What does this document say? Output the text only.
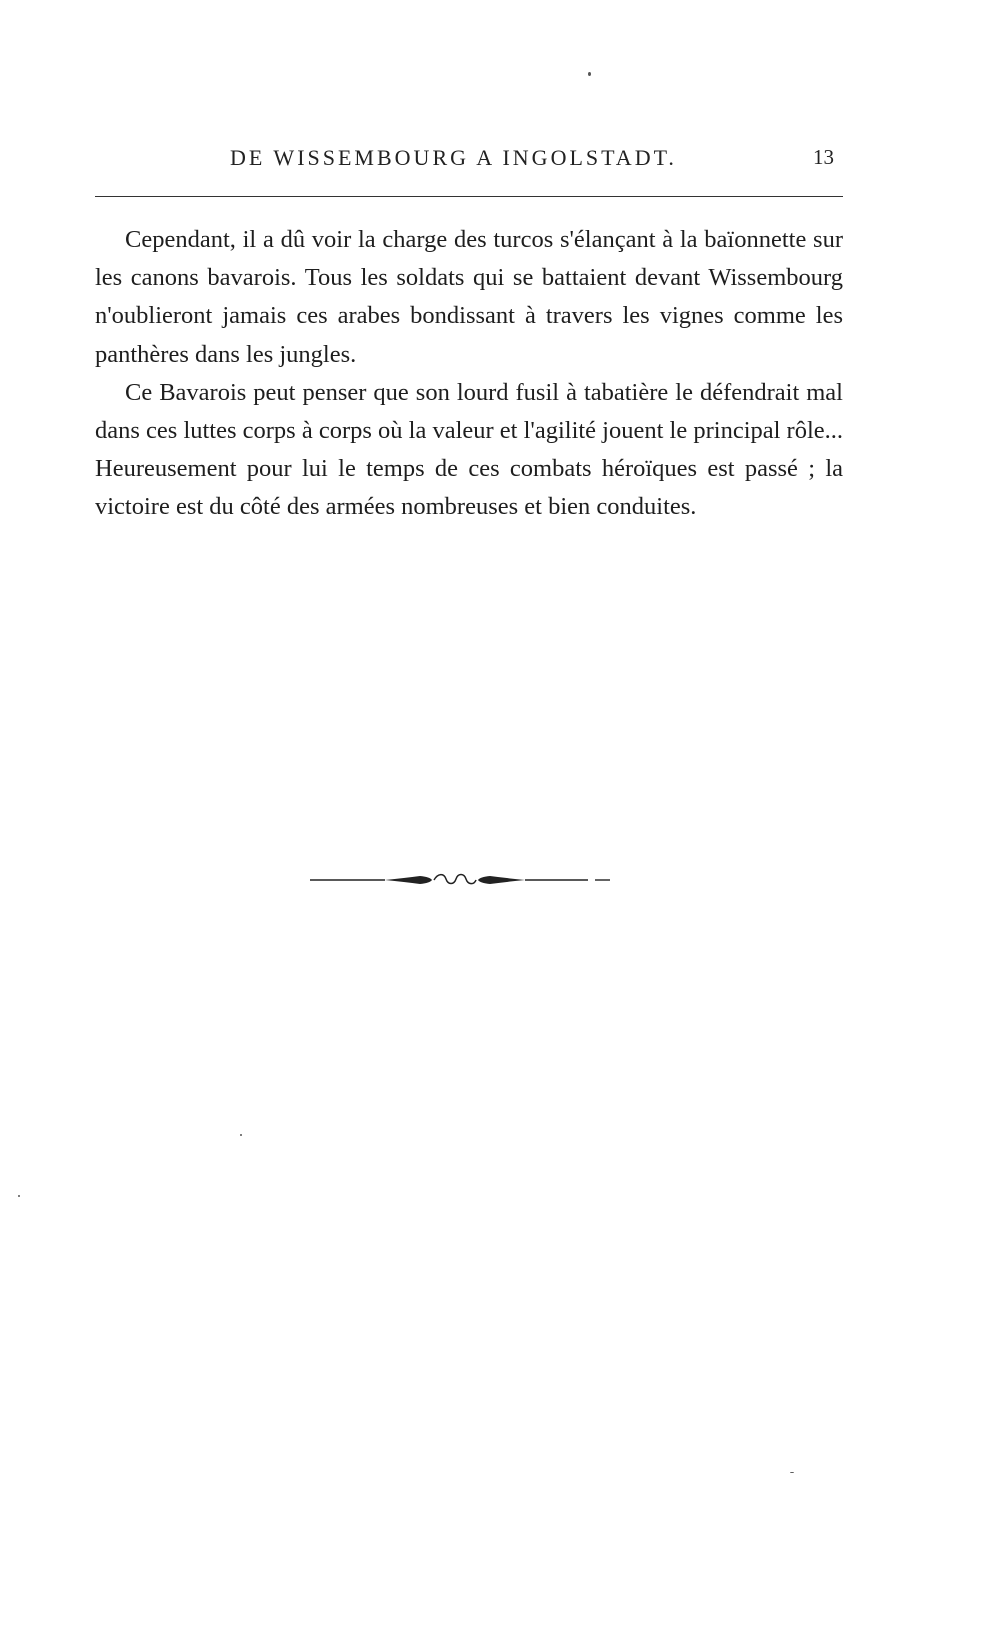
DE WISSEMBOURG A INGOLSTADT.	13

Cependant, il a dû voir la charge des turcos s'élançant à la baïonnette sur les canons bavarois. Tous les soldats qui se battaient devant Wissembourg n'oublieront jamais ces arabes bondissant à travers les vignes comme les panthères dans les jungles.

Ce Bavarois peut penser que son lourd fusil à tabatière le défendrait mal dans ces luttes corps à corps où la valeur et l'agilité jouent le principal rôle... Heureusement pour lui le temps de ces combats héroïques est passé ; la victoire est du côté des armées nombreuses et bien conduites.
